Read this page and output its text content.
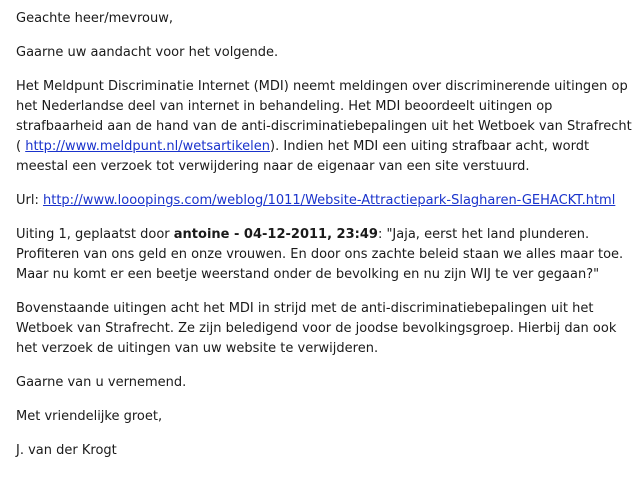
Geachte heer/mevrouw,

Gaarne uw aandacht voor het volgende.

Het Meldpunt Discriminatie Internet (MDI) neemt meldingen over discriminerende uitingen op het Nederlandse deel van internet in behandeling. Het MDI beoordeelt uitingen op strafbaarheid aan de hand van de anti-discriminatiebepalingen uit het Wetboek van Strafrecht ( http://www.meldpunt.nl/wetsartikelen). Indien het MDI een uiting strafbaar acht, wordt meestal een verzoek tot verwijdering naar de eigenaar van een site verstuurd.

Url: http://www.looopings.com/weblog/1011/Website-Attractiepark-Slagharen-GEHACKT.html

Uiting 1, geplaatst door antoine - 04-12-2011, 23:49: "Jaja, eerst het land plunderen. Profiteren van ons geld en onze vrouwen. En door ons zachte beleid staan we alles maar toe. Maar nu komt er een beetje weerstand onder de bevolking en nu zijn WIJ te ver gegaan?"

Bovenstaande uitingen acht het MDI in strijd met de anti-discriminatiebepalingen uit het Wetboek van Strafrecht. Ze zijn beledigend voor de joodse bevolkingsgroep. Hierbij dan ook het verzoek de uitingen van uw website te verwijderen.

Gaarne van u vernemend.

Met vriendelijke groet,

J. van der Krogt
